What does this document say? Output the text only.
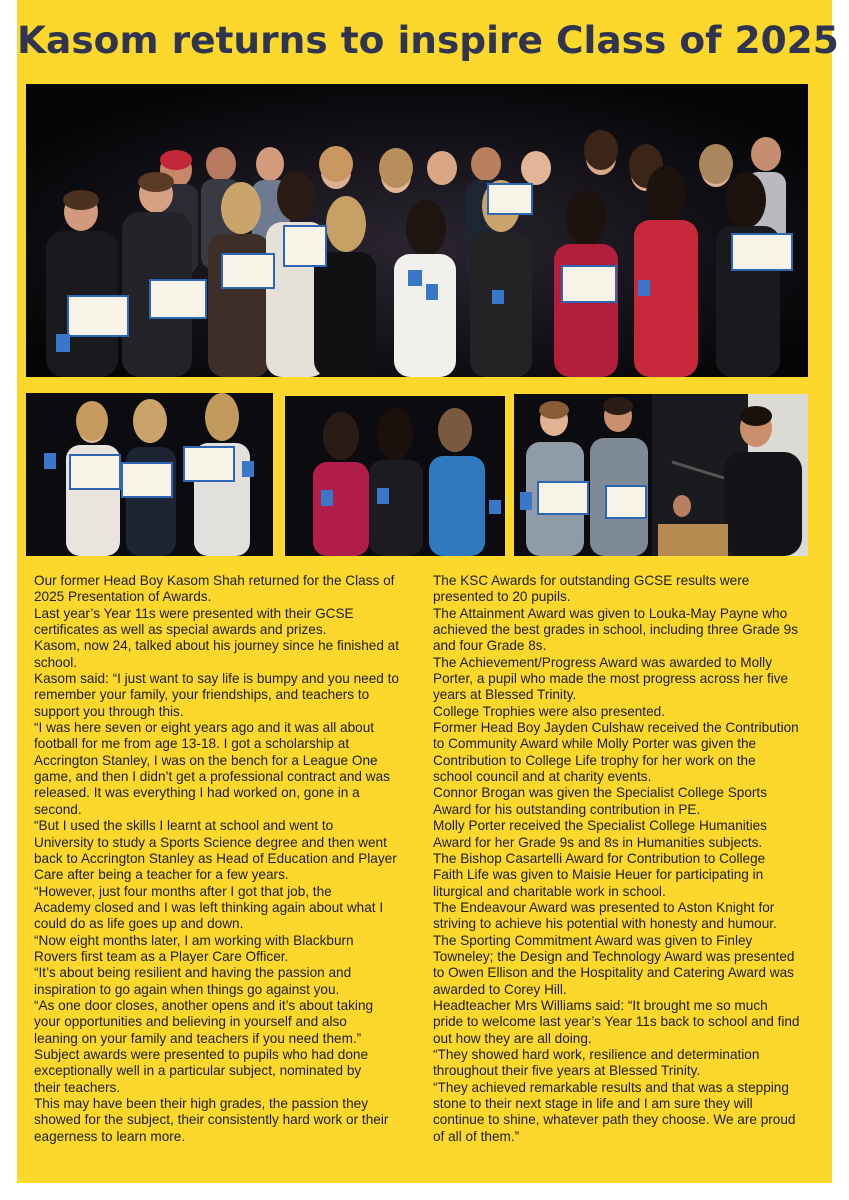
Kasom returns to inspire Class of 2025

Our former Head Boy Kasom Shah returned for the Class of
2025 Presentation of Awards.

Last year’s Year 11s were presented with their GCSE
certificates as well as special awards and prizes.

Kasom, now 24, talked about his journey since he finished at
school.

Kasom said: “I just want to say life is bumpy and you need to
remember your family, your friendships, and teachers to
support you through this.

“I was here seven or eight years ago and it was all about
football for me from age 13-18. I got a scholarship at
Accrington Stanley, I was on the bench for a League One
game, and then I didn’t get a professional contract and was
released. It was everything I had worked on, gone in a
second.

“But I used the skills I learnt at school and went to
University to study a Sports Science degree and then went
back to Accrington Stanley as Head of Education and Player
Care after being a teacher for a few years.

“However, just four months after I got that job, the
Academy closed and I was left thinking again about what I
could do as life goes up and down.

“Now eight months later, I am working with Blackburn
Rovers first team as a Player Care Officer.

“It’s about being resilient and having the passion and
inspiration to go again when things go against you.

“As one door closes, another opens and it’s about taking
your opportunities and believing in yourself and also
leaning on your family and teachers if you need them.”

Subject awards were presented to pupils who had done
exceptionally well in a particular subject, nominated by
their teachers.

This may have been their high grades, the passion they
showed for the subject, their consistently hard work or their
eagerness to learn more.

The KSC Awards for outstanding GCSE results were
presented to 20 pupils.

The Attainment Award was given to Louka-May Payne who
achieved the best grades in school, including three Grade 9s
and four Grade 8s.

The Achievement/Progress Award was awarded to Molly
Porter, a pupil who made the most progress across her five
years at Blessed Trinity.

College Trophies were also presented.

Former Head Boy Jayden Culshaw received the Contribution
to Community Award while Molly Porter was given the
Contribution to College Life trophy for her work on the
school council and at charity events.

Connor Brogan was given the Specialist College Sports
Award for his outstanding contribution in PE.

Molly Porter received the Specialist College Humanities
Award for her Grade 9s and 8s in Humanities subjects.

The Bishop Casartelli Award for Contribution to College
Faith Life was given to Maisie Heuer for participating in
liturgical and charitable work in school.

The Endeavour Award was presented to Aston Knight for
striving to achieve his potential with honesty and humour.

The Sporting Commitment Award was given to Finley
Towneley; the Design and Technology Award was presented
to Owen Ellison and the Hospitality and Catering Award was
awarded to Corey Hill.

Headteacher Mrs Williams said: “It brought me so much
pride to welcome last year’s Year 11s back to school and find
out how they are all doing.

“They showed hard work, resilience and determination
throughout their five years at Blessed Trinity.

“They achieved remarkable results and that was a stepping
stone to their next stage in life and I am sure they will
continue to shine, whatever path they choose. We are proud
of all of them.”
